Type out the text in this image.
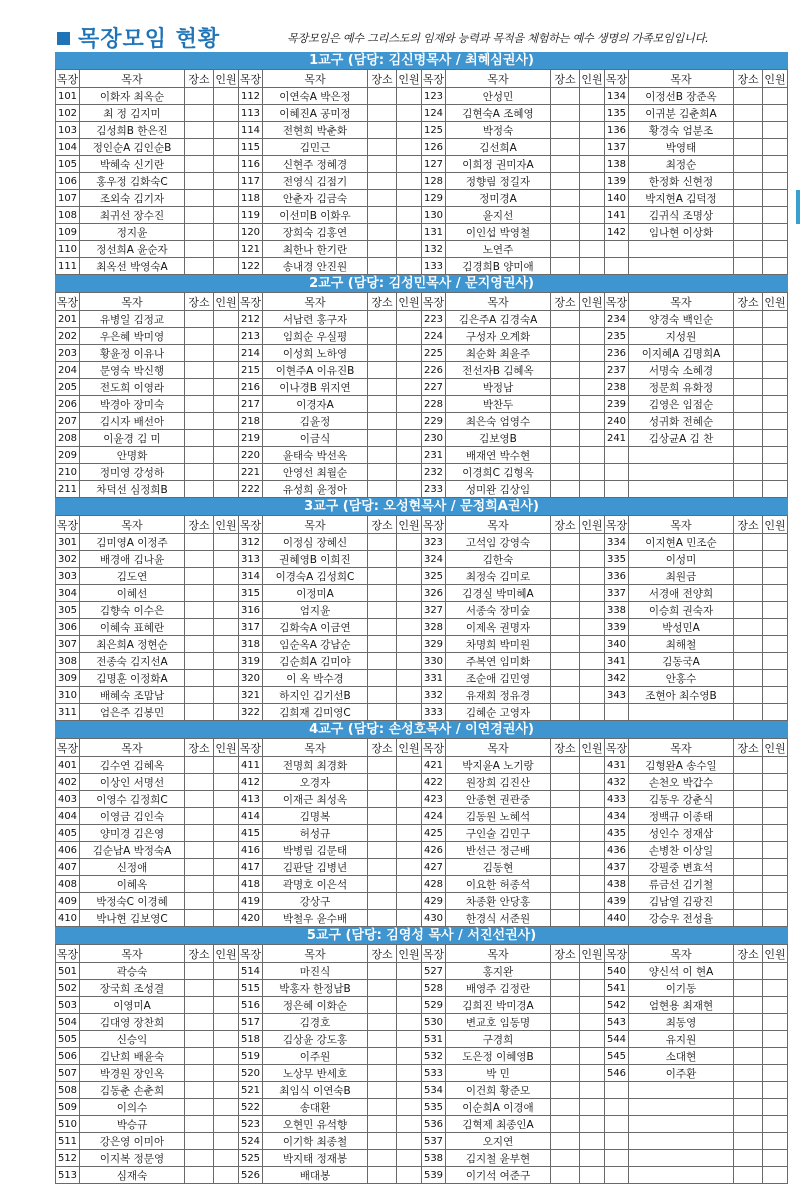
목장모임 현황	목장모임은 예수 그리스도의 임재와 능력과 목적을 체험하는 예수 생명의 가족모임입니다.
1교구 (담당: 김신명목사 / 최혜심권사)
목장	목자	장소	인원	목장	목자	장소	인원	목장	목자	장소	인원	목장	목자	장소	인원
101	이화자 최옥순			112	이연숙A 박은정			123	안성민			134	이정선B 장준옥		
102	최 정 김지미			113	이혜진A 공미정			124	김현숙A 조혜영			135	이귀분 김춘희A		
103	김성희B 한은진			114	전현희 박춘화			125	박정숙			136	황경숙 엄분조		
104	정인순A 김인순B			115	김민근			126	김선희A			137	박영태		
105	박혜숙 신기란			116	신현주 정혜경			127	이희정 권미자A			138	최정순		
106	홍우정 김화숙C			117	전영식 김점기			128	정향림 정길자			139	한정화 신현정		
107	조외숙 김기자			118	안춘자 김금숙			129	정미경A			140	박지현A 김덕정		
108	최귀선 장수진			119	이선미B 이화우			130	윤지선			141	김귀식 조명상		
109	정지윤			120	장희숙 김홍연			131	이인섭 박영철			142	임나현 이상화		
110	정선희A 윤순자			121	최한나 한기란			132	노연주						
111	최옥선 박영숙A			122	송내경 안진원			133	김경희B 양미애						
2교구 (담당: 김성민목사 / 문지영권사)
목장	목자	장소	인원	목장	목자	장소	인원	목장	목자	장소	인원	목장	목자	장소	인원
201	유병일 김정교			212	서남련 홍구자			223	김은주A 김경숙A			234	양경숙 백인순		
202	우은혜 박미영			213	임희순 우실평			224	구성자 오계화			235	지성원		
203	황윤정 이유나			214	이성희 노하영			225	최순화 최윤주			236	이지혜A 김명희A		
204	문영숙 박신행			215	이현주A 이유진B			226	전선자B 김혜옥			237	서명숙 소혜경		
205	전도희 이영라			216	이나경B 위지연			227	박정남			238	정문희 유화정		
206	박경아 장미숙			217	이경자A			228	박찬두			239	김영은 임점순		
207	김시자 배선아			218	김윤정			229	최은숙 엄영수			240	성귀화 전혜순		
208	이윤경 김 미			219	이금식			230	김보영B			241	김상균A 김 찬		
209	안명화			220	윤태숙 박선옥			231	배재연 박수현						
210	정미영 강성하			221	안영선 최월순			232	이경희C 김형옥						
211	차덕선 심정희B			222	유성희 윤정아			233	성미완 김상임						
3교구 (담당: 오성현목사 / 문정희A권사)
목장	목자	장소	인원	목장	목자	장소	인원	목장	목자	장소	인원	목장	목자	장소	인원
301	김미영A 이정주			312	이정심 장혜신			323	고석임 강영숙			334	이지현A 민조순		
302	배경애 김나윤			313	권혜영B 이희진			324	김한숙			335	이성미		
303	김도연			314	이경숙A 김성희C			325	최정숙 김미로			336	최원금		
304	이혜선			315	이정미A			326	김경실 박미혜A			337	서경애 전양희		
305	김향숙 이수은			316	엄지윤			327	서종숙 장미숲			338	이승희 권숙자		
306	이혜숙 표혜란			317	김화숙A 이금연			328	이제옥 권명자			339	박성민A		
307	최은희A 정현순			318	임순옥A 강남순			329	차명희 박미원			340	최해철		
308	전종숙 김지선A			319	김순희A 김미야			330	주복연 임미화			341	김동국A		
309	김명훈 이정화A			320	이 옥 박수경			331	조순애 김민영			342	안홍수		
310	배혜숙 조맘남			321	하지인 김기선B			332	유재희 정유경			343	조현아 최수영B		
311	엄은주 김봉민			322	김희재 김미영C			333	김혜순 고영자						
4교구 (담당: 손성호목사 / 이연경권사)
목장	목자	장소	인원	목장	목자	장소	인원	목장	목자	장소	인원	목장	목자	장소	인원
401	김수연 김혜옥			411	전명희 최경화			421	박지윤A 노기랑			431	김형완A 송수일		
402	이상인 서명선			412	오경자			422	원장희 김진산			432	손천오 박갑수		
403	이영수 김정희C			413	이재근 최성옥			423	안종현 권관중			433	김동우 강춘식		
404	이영금 김인숙			414	김명복			424	김동원 노혜석			434	정백규 이종태		
405	양미경 김은영			415	허성규			425	구인술 김민구			435	성인수 정재삼		
406	김순남A 박정숙A			416	박병림 김문태			426	반선근 정근배			436	손병찬 이상일		
407	신정애			417	김판달 김병년			427	김동현			437	강필중 변효석		
408	이혜옥			418	곽명호 이은석			428	이요한 허종석			438	류금선 김기철		
409	박정숙C 이경혜			419	강상구			429	차종환 안당홍			439	김남열 김광진		
410	박나현 김보영C			420	박철우 윤수배			430	한경식 서준원			440	강승우 전성율		
5교구 (담당: 김영성 목사 / 서진선권사)
목장	목자	장소	인원	목장	목자	장소	인원	목장	목자	장소	인원	목장	목자	장소	인원
501	곽승숙			514	마진식			527	홍지완			540	양신석 이 현A		
502	장국희 조성결			515	박홍자 한정남B			528	배영주 김정란			541	이기동		
503	이영미A			516	정은혜 이화순			529	김희진 박미경A			542	엄현용 최재현		
504	김대영 장찬희			517	김경호			530	변교호 임동명			543	최동영		
505	신승익			518	김상윤 강도홍			531	구경희			544	유지원		
506	김난희 배윤숙			519	이주원			532	도은정 이혜영B			545	소대현		
507	박경원 장인옥			520	노상무 반세호			533	박 민			546	이주환		
508	김동춘 손춘희			521	최임식 이연숙B			534	이건희 황준모						
509	이의수			522	송대환			535	이순희A 이경애						
510	박승규			523	오현민 유석향			536	김혁제 최종인A						
511	강은영 이미아			524	이기학 최종철			537	오지연						
512	이지복 정문영			525	박지태 정재봉			538	김지철 윤부현						
513	심재숙			526	배대봉			539	이기석 여준구						
